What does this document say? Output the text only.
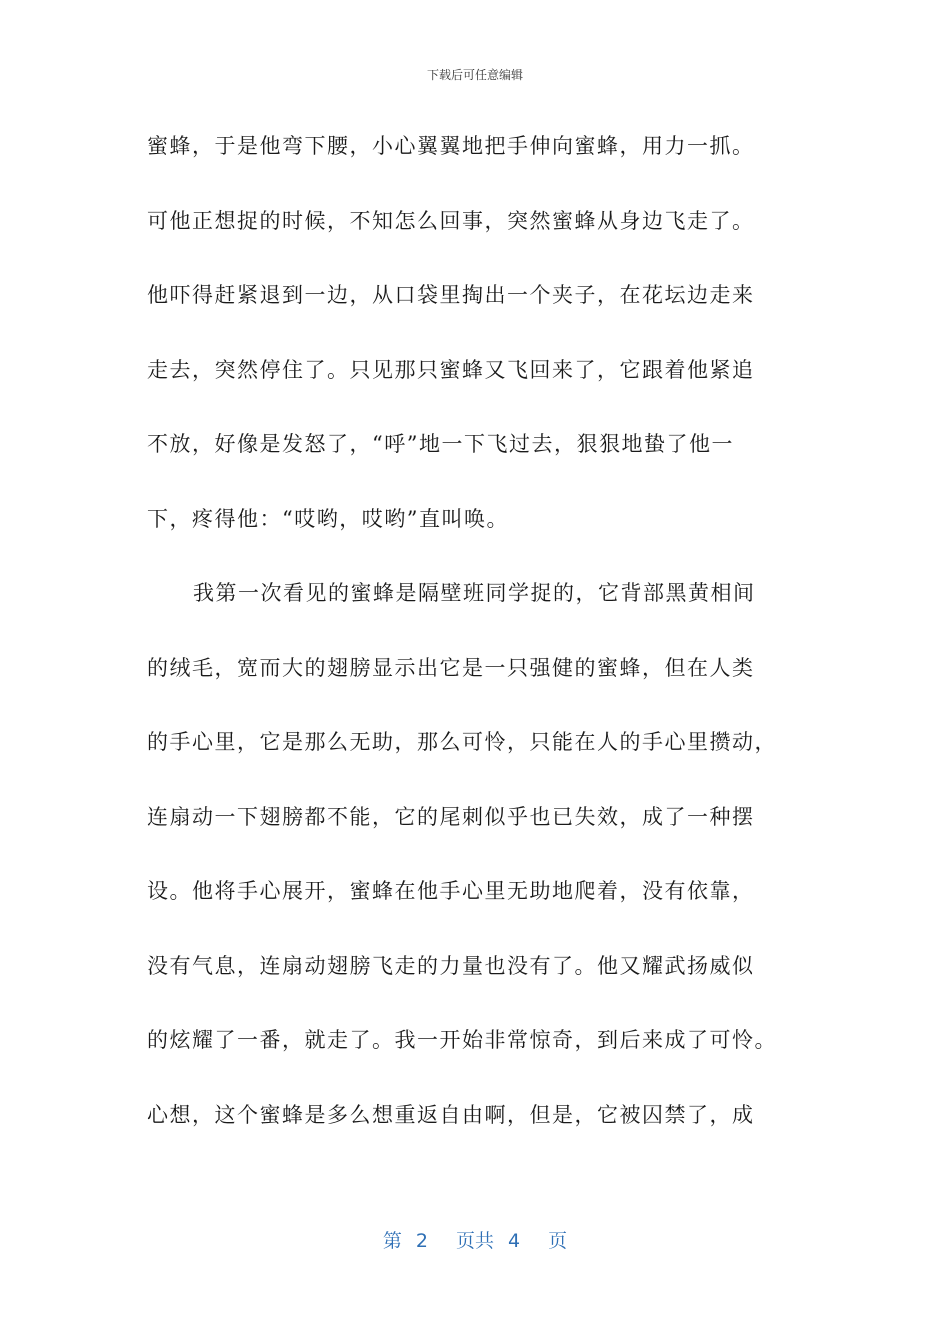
下载后可任意编辑
蜜蜂，于是他弯下腰，小心翼翼地把手伸向蜜蜂，用力一抓。
可他正想捉的时候，不知怎么回事，突然蜜蜂从身边飞走了。
他吓得赶紧退到一边，从口袋里掏出一个夹子，在花坛边走来
走去，突然停住了。只见那只蜜蜂又飞回来了，它跟着他紧追
不放，好像是发怒了，“呼”地一下飞过去，狠狠地蛰了他一
下，疼得他：“哎哟，哎哟”直叫唤。
我第一次看见的蜜蜂是隔壁班同学捉的，它背部黑黄相间
的绒毛，宽而大的翅膀显示出它是一只强健的蜜蜂，但在人类
的手心里，它是那么无助，那么可怜，只能在人的手心里攒动，
连扇动一下翅膀都不能，它的尾刺似乎也已失效，成了一种摆
设。他将手心展开，蜜蜂在他手心里无助地爬着，没有依靠，
没有气息，连扇动翅膀飞走的力量也没有了。他又耀武扬威似
的炫耀了一番，就走了。我一开始非常惊奇，到后来成了可怜。
心想，这个蜜蜂是多么想重返自由啊，但是，它被囚禁了，成
第 2 页共 4 页
